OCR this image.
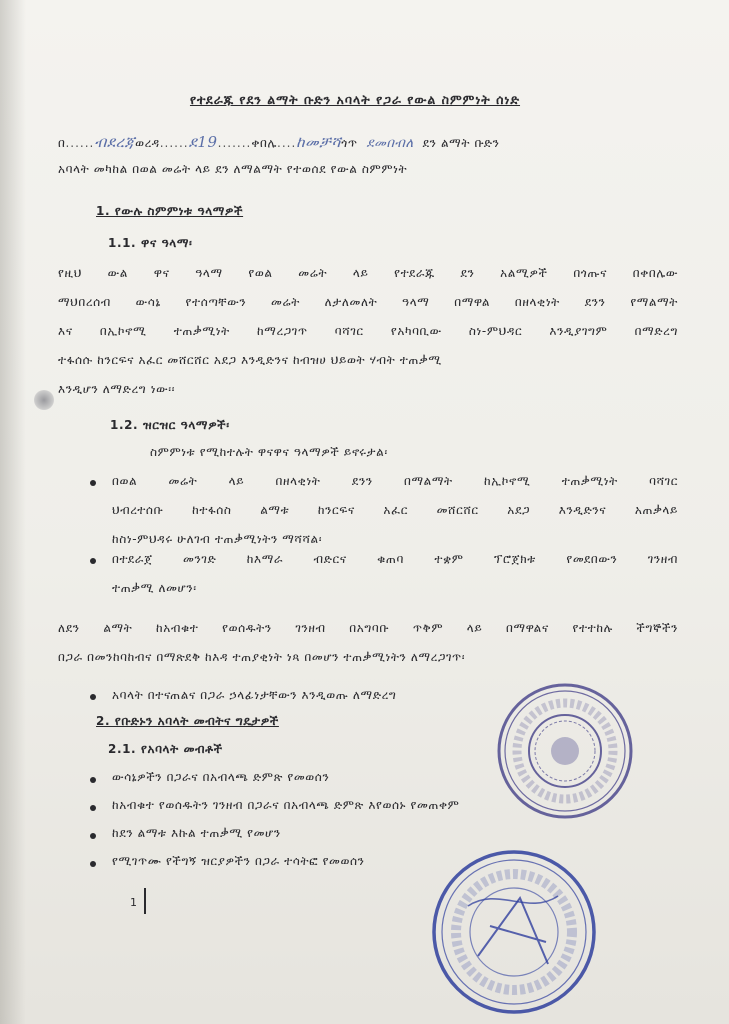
የተደራጁ የደን ልማት ቡድን አባላት የጋራ የውል ስምምነት ሰነድ
በ......ብደረጃወረዳ......ደ19.......ቀበሌ....ከመቻሻጎጥ ደመበብለ ደን ልማት ቡድን
አባላት መካከል በወል መሬት ላይ ደን ለማልማት የተወሰደ የውል ስምምነት
1. የውሉ ስምምነቱ ዓላማዎች
1.1. ዋና ዓላማ፡
የዚህ ውል ዋና ዓላማ የወል መሬት ላይ የተደራጁ ደን አልሚዎች በጎጡና በቀበሌው
ማህበረሰብ ውሳኔ የተሰጣቸውን መሬት ለታለመለት ዓላማ በማዋል በዘላቂነት ደንን የማልማት
እና በኢኮኖሚ ተጠቃሚነት ከማረጋገጥ ባሻገር የአካባቢው ስነ-ምህዳር እንዲያገግም በማድረግ
ተፋሰሱ ከንርፍና አፈር መሸርሸር አደጋ እንዲድንና ከብዝሀ ህይወት ሃብት ተጠቃሚ
እንዲሆን ለማድረግ ነው፡፡
1.2. ዝርዝር ዓላማዎች፡
ስምምነቱ የሚከተሉት ዋናዋና ዓላማዎች ይኖሩታል፡
በወል መሬት ላይ በዘላቂነት ደንን በማልማት ከኢኮኖሚ ተጠቃሚነት ባሻገር
ህብረተሰቡ ከተፋሰስ ልማቱ ከንርፍና አፈር መሸርሸር አደጋ እንዲድንና አጠቃላይ
ከስነ-ምህዳሩ ሁለገብ ተጠቃሚነትን ማሻሻል፡
በተደራጀ መንገድ ከእማራ ብድርና ቁጠባ ተቋም ፕሮጀክቱ የመደበውን ገንዘብ
ተጠቃሚ ለመሆን፡
ለደን ልማት ከአብቁተ የወሰዱትን ገንዘብ በአግባቡ ጥቅም ላይ በማዋልና የተተከሉ ችግኞችን
በጋራ በመንከባከብና በማጽደቅ ከእዳ ተጠያቂነት ነጻ በመሆን ተጠቃሚነትን ለማረጋገጥ፡
አባላት በተናጠልና በጋራ ኃላፊነታቸውን እንዲወጡ ለማድረግ
2. የቡድኑን አባላት መብትና ግዴታዎች
2.1. የአባላት መብቶች
ውሳኔዎችን በጋራና በአብላጫ ድምጽ የመወሰን
ከአብቁተ የወሰዱትን ገንዘብ በጋራና በአብላጫ ድምጽ እየወሰኑ የመጠቀም
ከደን ልማቱ እኩል ተጠቃሚ የመሆን
የሚገጥሙ የችግኝ ዝርያዎችን በጋራ ተሳትፎ የመወሰን
1
